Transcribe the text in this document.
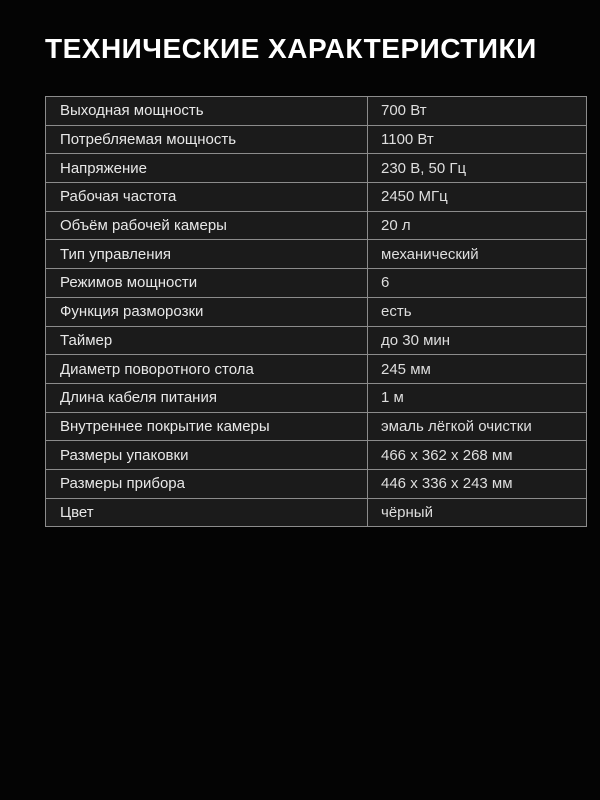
ТЕХНИЧЕСКИЕ ХАРАКТЕРИСТИКИ
Выходная мощность	700 Вт
Потребляемая мощность	1100 Вт
Напряжение	230 В, 50 Гц
Рабочая частота	2450 МГц
Объём рабочей камеры	20 л
Тип управления	механический
Режимов мощности	6
Функция разморозки	есть
Таймер	до 30 мин
Диаметр поворотного стола	245 мм
Длина кабеля питания	1 м
Внутреннее покрытие камеры	эмаль лёгкой очистки
Размеры упаковки	466 x 362 x 268 мм
Размеры прибора	446 x 336 x 243 мм
Цвет	чёрный
